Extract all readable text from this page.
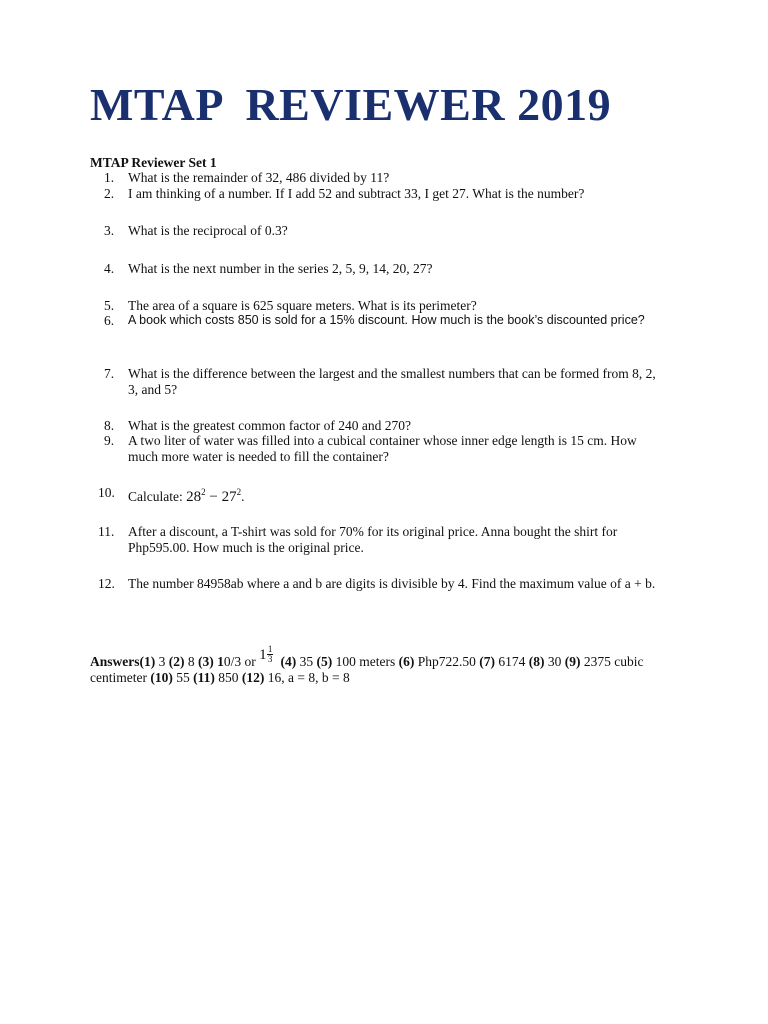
MTAP  REVIEWER 2019
MTAP Reviewer Set 1
1. What is the remainder of 32, 486 divided by 11?
2. I am thinking of a number. If I add 52 and subtract 33, I get 27. What is the number?
3. What is the reciprocal of 0.3?
4. What is the next number in the series 2, 5, 9, 14, 20, 27?
5. The area of a square is 625 square meters. What is its perimeter?
6. A book which costs 850 is sold for a 15% discount. How much is the book’s discounted price?
7. What is the difference between the largest and the smallest numbers that can be formed from 8, 2, 3, and 5?
8. What is the greatest common factor of 240 and 270?
9. A two liter of water was filled into a cubical container whose inner edge length is 15 cm. How much more water is needed to fill the container?
10. Calculate: $28^2 - 27^2$.
11. After a discount, a T-shirt was sold for 70% for its original price. Anna bought the shirt for Php595.00. How much is the original price.
12. The number 84958ab where a and b are digits is divisible by 4. Find the maximum value of a + b.
Answers(1) 3 (2) 8 (3) 10/3 or 1 1
3 (4) 35 (5) 100 meters (6) Php722.50 (7) 6174 (8) 30 (9) 2375 cubic centimeter (10) 55 (11) 850 (12) 16, a = 8, b = 8
